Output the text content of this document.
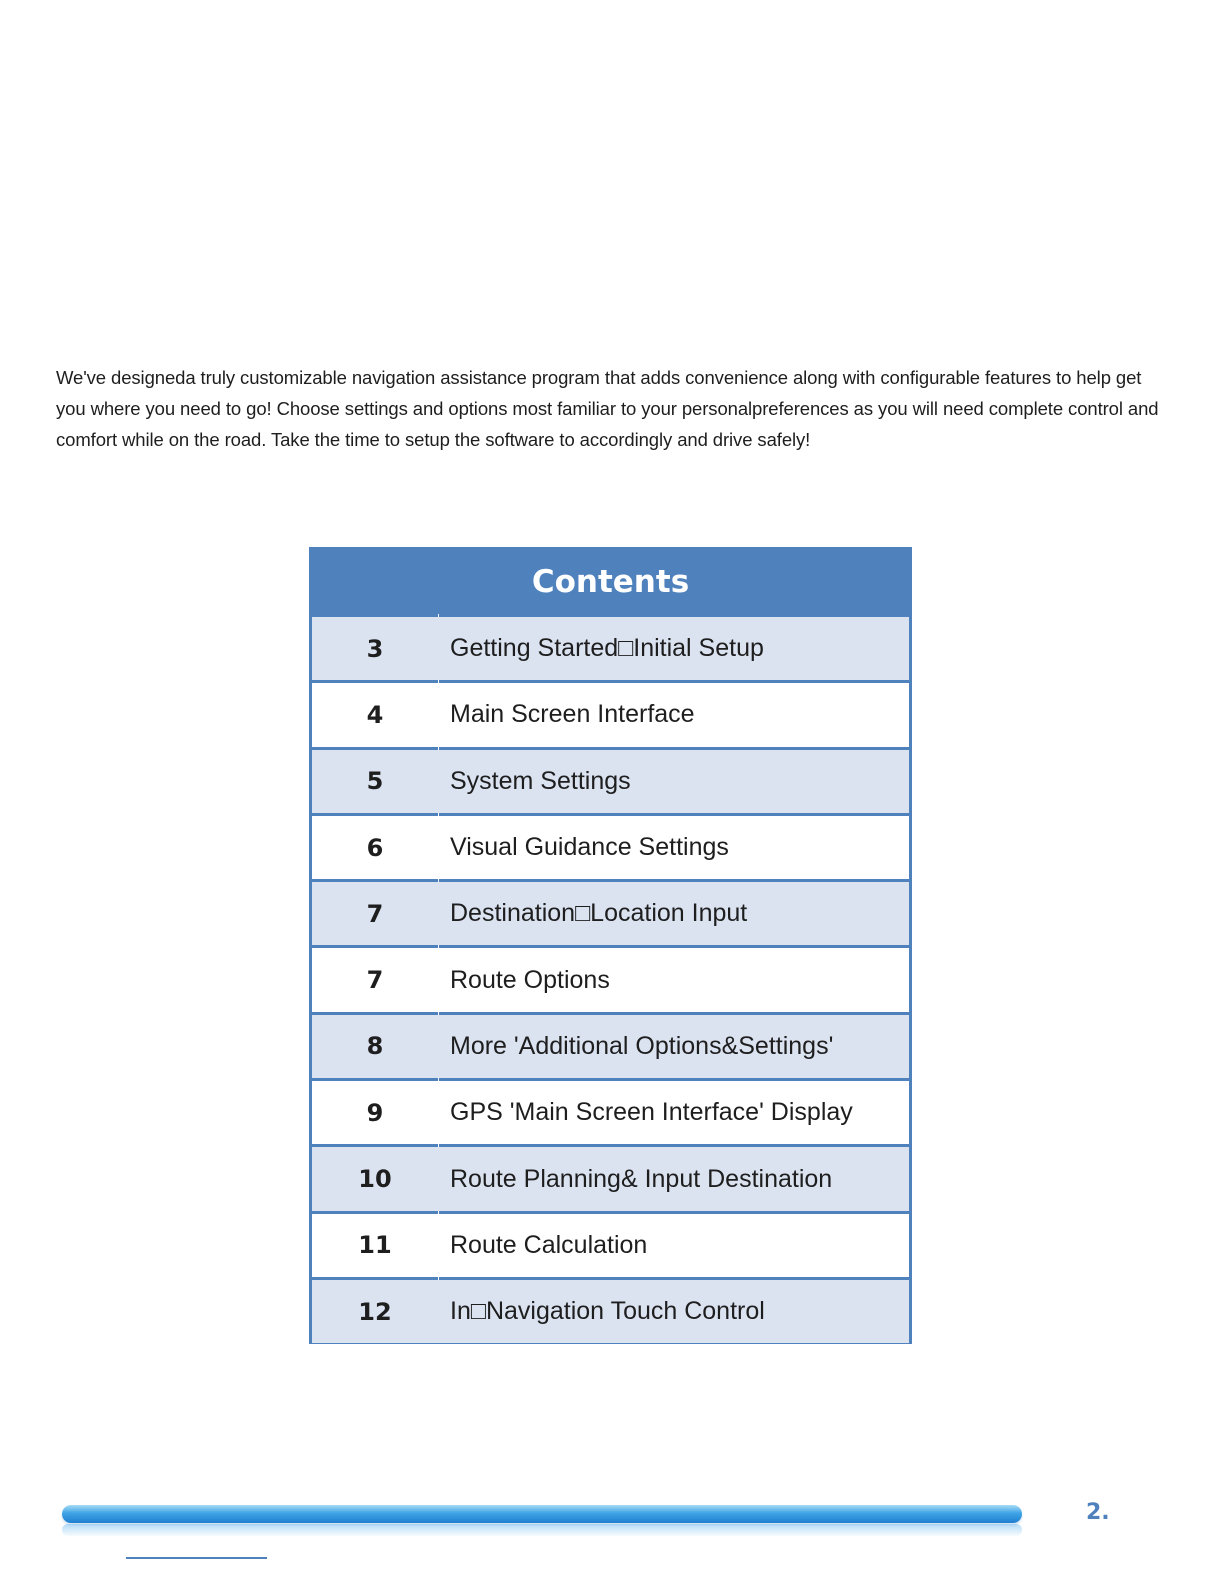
We've designeda truly customizable navigation assistance program that adds convenience along with configurable features to help get you where you need to go! Choose settings and options most familiar to your personalpreferences as you will need complete control and comfort while on the road. Take the time to setup the software to accordingly and drive safely!

Contents
3	Getting Started□Initial Setup
4	Main Screen Interface
5	System Settings
6	Visual Guidance Settings
7	Destination□Location Input
7	Route Options
8	More 'Additional Options&Settings'
9	GPS 'Main Screen Interface' Display
10	Route Planning& Input Destination
11	Route Calculation
12	In□Navigation Touch Control
2.
